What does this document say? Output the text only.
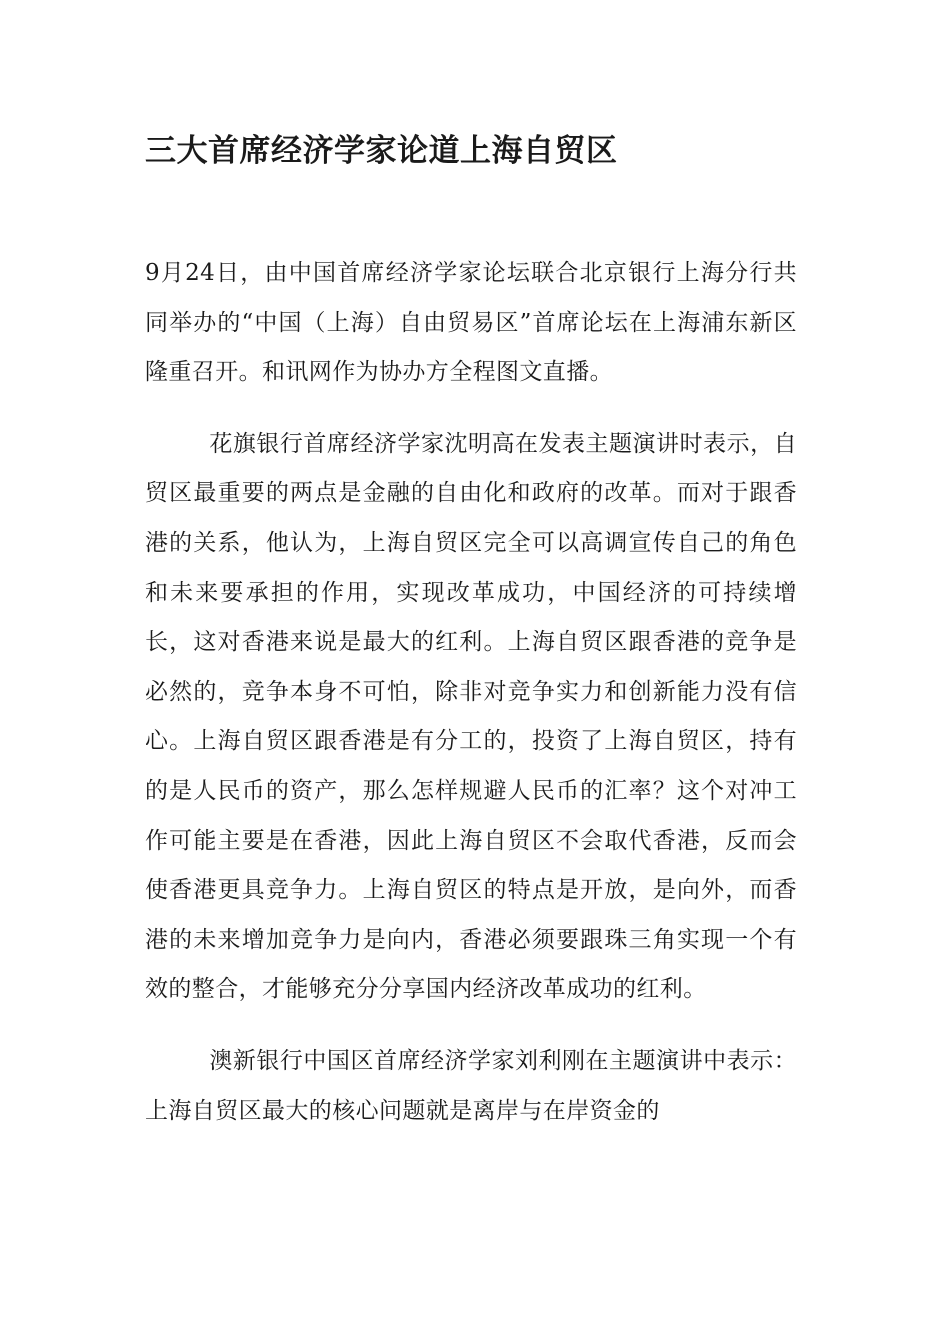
三大首席经济学家论道上海自贸区

9月24日，由中国首席经济学家论坛联合北京银行上海分行共同举办的“中国（上海）自由贸易区”首席论坛在上海浦东新区隆重召开。和讯网作为协办方全程图文直播。

花旗银行首席经济学家沈明高在发表主题演讲时表示，自贸区最重要的两点是金融的自由化和政府的改革。而对于跟香港的关系，他认为，上海自贸区完全可以高调宣传自己的角色和未来要承担的作用，实现改革成功，中国经济的可持续增长，这对香港来说是最大的红利。上海自贸区跟香港的竞争是必然的，竞争本身不可怕，除非对竞争实力和创新能力没有信心。上海自贸区跟香港是有分工的，投资了上海自贸区，持有的是人民币的资产，那么怎样规避人民币的汇率？这个对冲工作可能主要是在香港，因此上海自贸区不会取代香港，反而会使香港更具竞争力。上海自贸区的特点是开放，是向外，而香港的未来增加竞争力是向内，香港必须要跟珠三角实现一个有效的整合，才能够充分分享国内经济改革成功的红利。

澳新银行中国区首席经济学家刘利刚在主题演讲中表示：上海自贸区最大的核心问题就是离岸与在岸资金的
